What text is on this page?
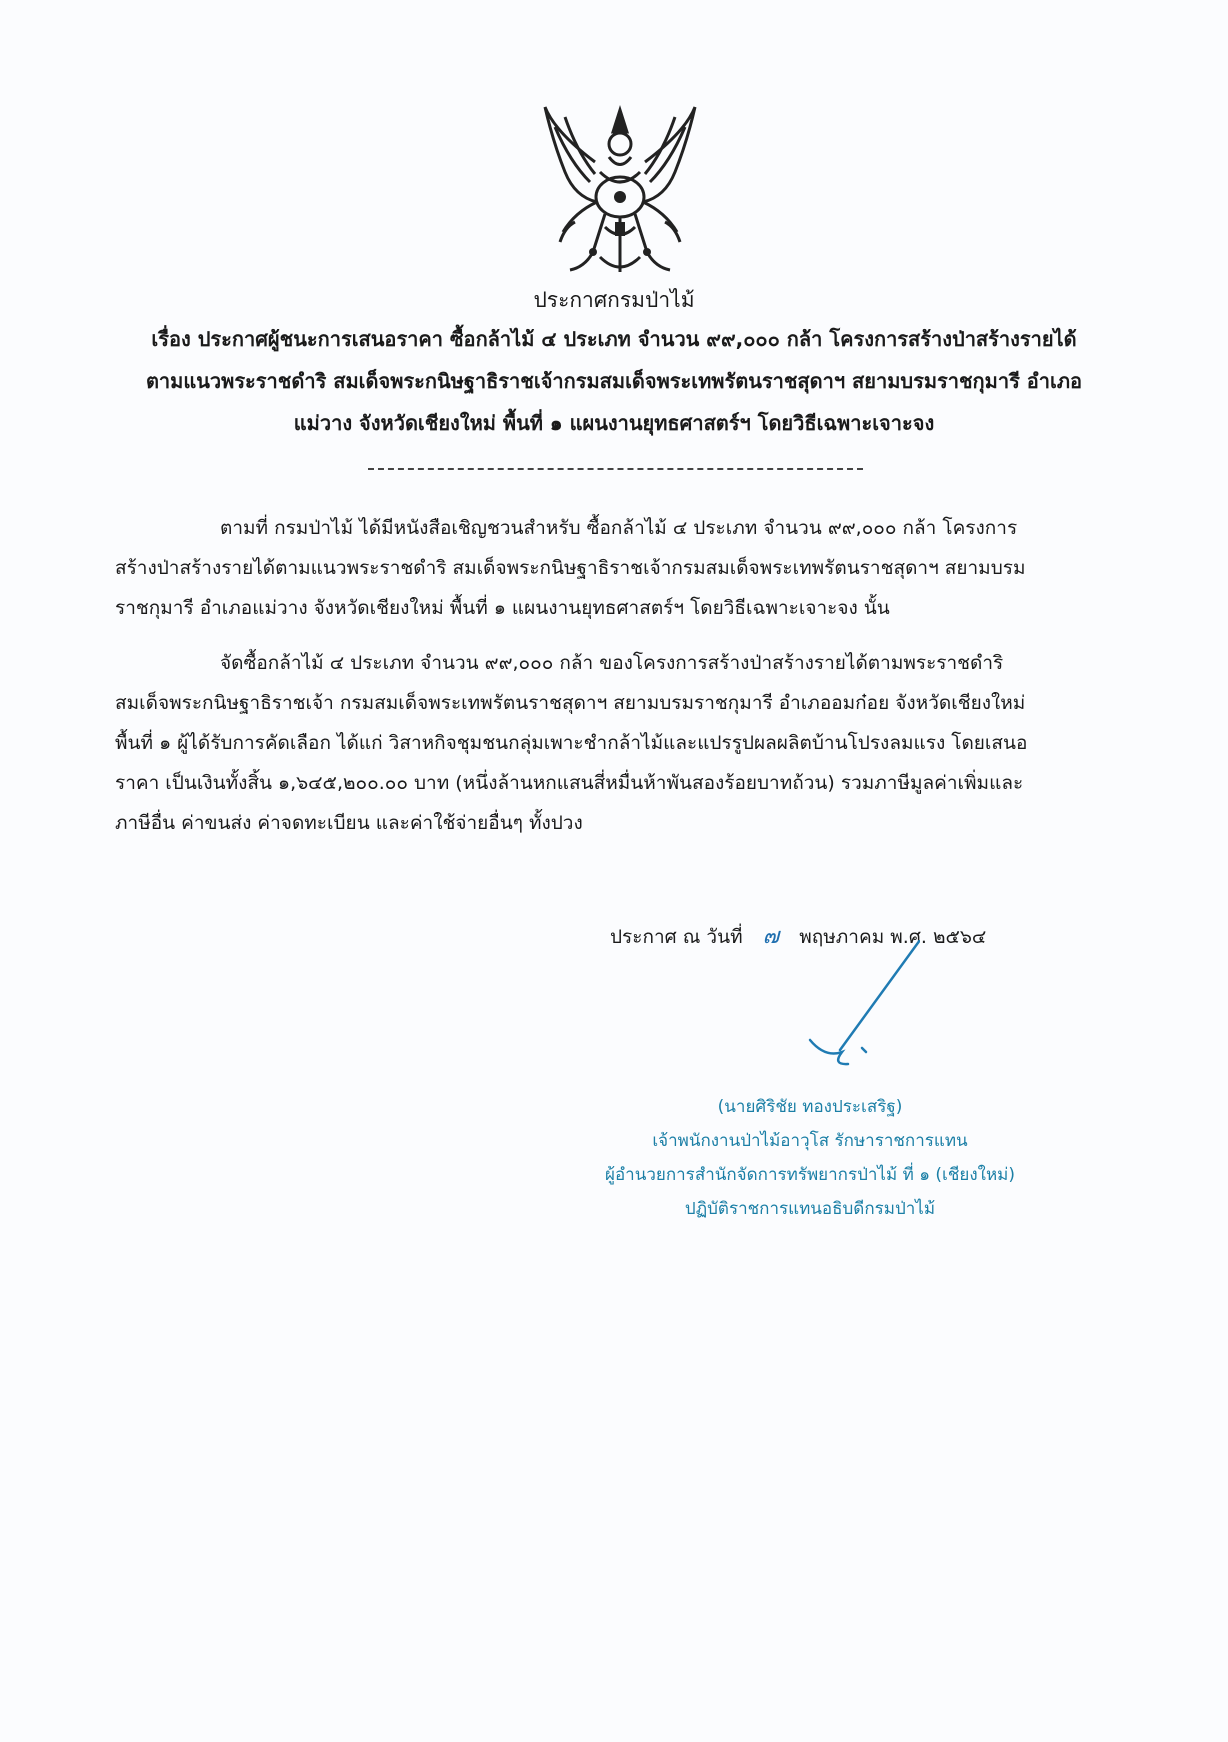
ประกาศกรมป่าไม้
เรื่อง ประกาศผู้ชนะการเสนอราคา ซื้อกล้าไม้ ๔ ประเภท จำนวน ๙๙,๐๐๐ กล้า โครงการสร้างป่าสร้างรายได้
ตามแนวพระราชดำริ สมเด็จพระกนิษฐาธิราชเจ้ากรมสมเด็จพระเทพรัตนราชสุดาฯ สยามบรมราชกุมารี อำเภอ
แม่วาง จังหวัดเชียงใหม่ พื้นที่ ๑ แผนงานยุทธศาสตร์ฯ โดยวิธีเฉพาะเจาะจง
ตามที่ กรมป่าไม้ ได้มีหนังสือเชิญชวนสำหรับ ซื้อกล้าไม้ ๔ ประเภท จำนวน ๙๙,๐๐๐ กล้า โครงการ
สร้างป่าสร้างรายได้ตามแนวพระราชดำริ สมเด็จพระกนิษฐาธิราชเจ้ากรมสมเด็จพระเทพรัตนราชสุดาฯ สยามบรม
ราชกุมารี อำเภอแม่วาง จังหวัดเชียงใหม่ พื้นที่ ๑ แผนงานยุทธศาสตร์ฯ โดยวิธีเฉพาะเจาะจง นั้น
จัดซื้อกล้าไม้ ๔ ประเภท จำนวน ๙๙,๐๐๐ กล้า ของโครงการสร้างป่าสร้างรายได้ตามพระราชดำริ
สมเด็จพระกนิษฐาธิราชเจ้า กรมสมเด็จพระเทพรัตนราชสุดาฯ สยามบรมราชกุมารี อำเภออมก๋อย จังหวัดเชียงใหม่
พื้นที่ ๑ ผู้ได้รับการคัดเลือก ได้แก่ วิสาหกิจชุมชนกลุ่มเพาะชำกล้าไม้และแปรรูปผลผลิตบ้านโปรงลมแรง โดยเสนอ
ราคา เป็นเงินทั้งสิ้น ๑,๖๔๕,๒๐๐.๐๐ บาท (หนึ่งล้านหกแสนสี่หมื่นห้าพันสองร้อยบาทถ้วน) รวมภาษีมูลค่าเพิ่มและ
ภาษีอื่น ค่าขนส่ง ค่าจดทะเบียน และค่าใช้จ่ายอื่นๆ ทั้งปวง
ประกาศ ณ วันที่ ๗ พฤษภาคม พ.ศ. ๒๕๖๔
(นายศิริชัย ทองประเสริฐ)
เจ้าพนักงานป่าไม้อาวุโส รักษาราชการแทน
ผู้อำนวยการสำนักจัดการทรัพยากรป่าไม้ ที่ ๑ (เชียงใหม่)
ปฏิบัติราชการแทนอธิบดีกรมป่าไม้
